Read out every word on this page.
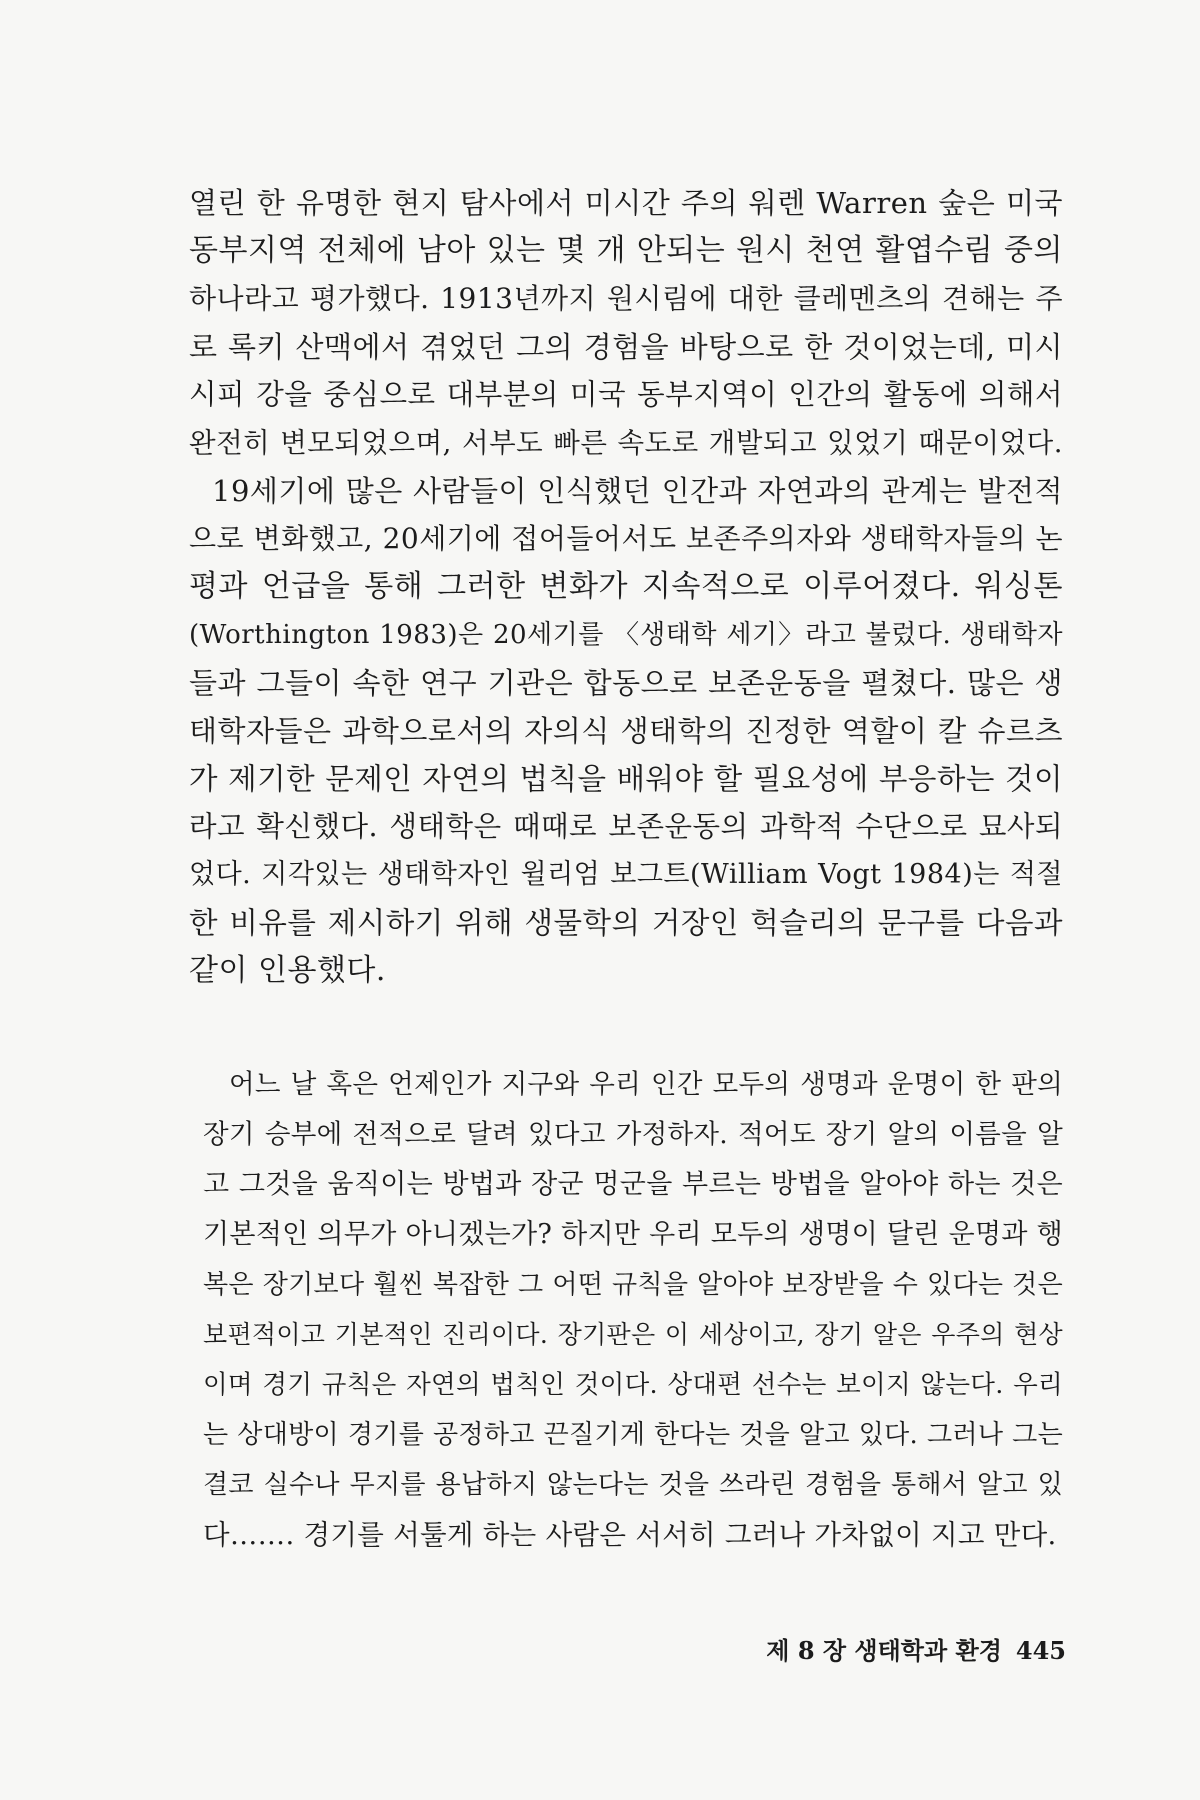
열린 한 유명한 현지 탐사에서 미시간 주의 워렌 Warren 숲은 미국

동부지역 전체에 남아 있는 몇 개 안되는 원시 천연 활엽수림 중의

하나라고 평가했다. 1913년까지 원시림에 대한 클레멘츠의 견해는 주

로 록키 산맥에서 겪었던 그의 경험을 바탕으로 한 것이었는데, 미시

시피 강을 중심으로 대부분의 미국 동부지역이 인간의 활동에 의해서

완전히 변모되었으며, 서부도 빠른 속도로 개발되고 있었기 때문이었다.

19세기에 많은 사람들이 인식했던 인간과 자연과의 관계는 발전적

으로 변화했고, 20세기에 접어들어서도 보존주의자와 생태학자들의 논

평과 언급을 통해 그러한 변화가 지속적으로 이루어졌다. 워싱톤

(Worthington 1983)은 20세기를 〈생태학 세기〉라고 불렀다. 생태학자

들과 그들이 속한 연구 기관은 합동으로 보존운동을 펼쳤다. 많은 생

태학자들은 과학으로서의 자의식 생태학의 진정한 역할이 칼 슈르츠

가 제기한 문제인 자연의 법칙을 배워야 할 필요성에 부응하는 것이

라고 확신했다. 생태학은 때때로 보존운동의 과학적 수단으로 묘사되

었다. 지각있는 생태학자인 윌리엄 보그트(William Vogt 1984)는 적절

한 비유를 제시하기 위해 생물학의 거장인 헉슬리의 문구를 다음과

같이 인용했다.

어느 날 혹은 언제인가 지구와 우리 인간 모두의 생명과 운명이 한 판의

장기 승부에 전적으로 달려 있다고 가정하자. 적어도 장기 알의 이름을 알

고 그것을 움직이는 방법과 장군 멍군을 부르는 방법을 알아야 하는 것은

기본적인 의무가 아니겠는가? 하지만 우리 모두의 생명이 달린 운명과 행

복은 장기보다 훨씬 복잡한 그 어떤 규칙을 알아야 보장받을 수 있다는 것은

보편적이고 기본적인 진리이다. 장기판은 이 세상이고, 장기 알은 우주의 현상

이며 경기 규칙은 자연의 법칙인 것이다. 상대편 선수는 보이지 않는다. 우리

는 상대방이 경기를 공정하고 끈질기게 한다는 것을 알고 있다. 그러나 그는

결코 실수나 무지를 용납하지 않는다는 것을 쓰라린 경험을 통해서 알고 있

다……. 경기를 서툴게 하는 사람은 서서히 그러나 가차없이 지고 만다.

제 8 장 생태학과 환경 445
